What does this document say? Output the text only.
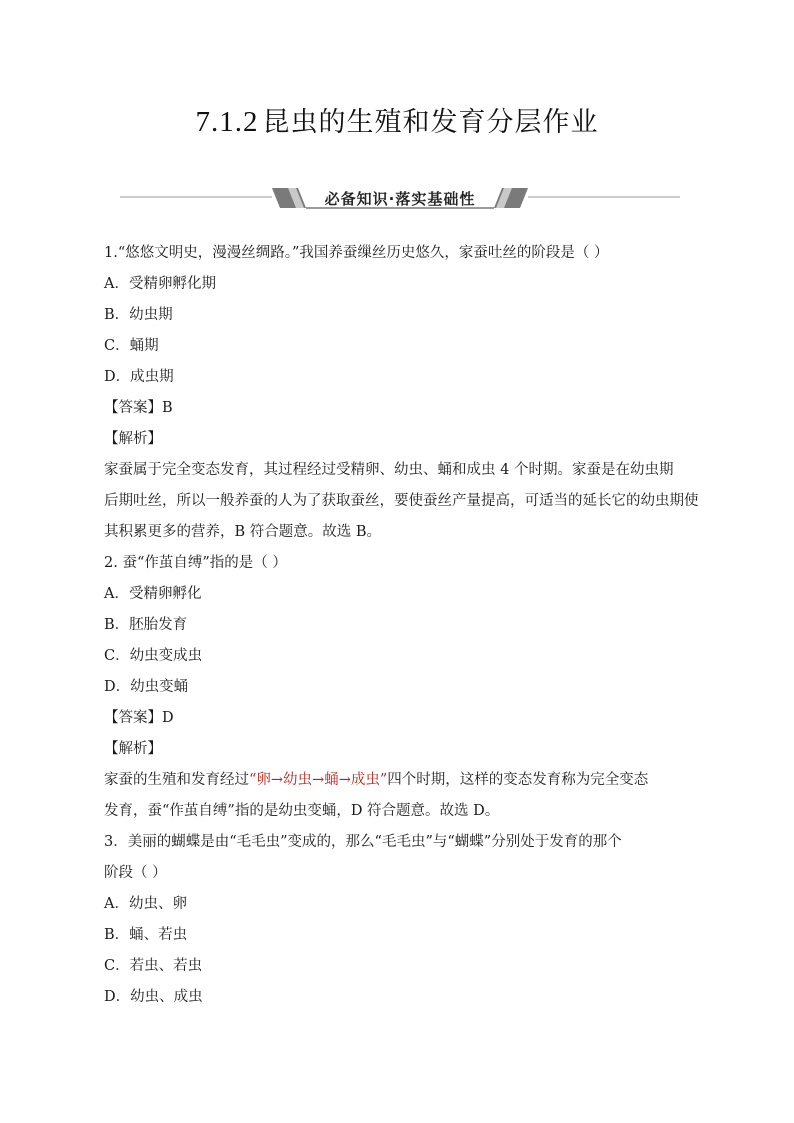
7.1.2 昆虫的生殖和发育分层作业
必备知识·落实基础性
1.“悠悠文明史，漫漫丝绸路。”我国养蚕缫丝历史悠久，家蚕吐丝的阶段是（ ）
A．受精卵孵化期
B．幼虫期
C．蛹期
D．成虫期
【答案】B
【解析】
家蚕属于完全变态发育，其过程经过受精卵、幼虫、蛹和成虫 4 个时期。家蚕是在幼虫期
后期吐丝，所以一般养蚕的人为了获取蚕丝，要使蚕丝产量提高，可适当的延长它的幼虫期使
其积累更多的营养，B 符合题意。故选 B。
2. 蚕“作茧自缚”指的是（ ）
A．受精卵孵化
B．胚胎发育
C．幼虫变成虫
D．幼虫变蛹
【答案】D
【解析】
家蚕的生殖和发育经过“卵→幼虫→蛹→成虫”四个时期，这样的变态发育称为完全变态
发育，蚕“作茧自缚”指的是幼虫变蛹，D 符合题意。故选 D。
3．美丽的蝴蝶是由“毛毛虫”变成的，那么“毛毛虫”与“蝴蝶”分别处于发育的那个
阶段（ ）
A．幼虫、卵
B．蛹、若虫
C．若虫、若虫
D．幼虫、成虫
